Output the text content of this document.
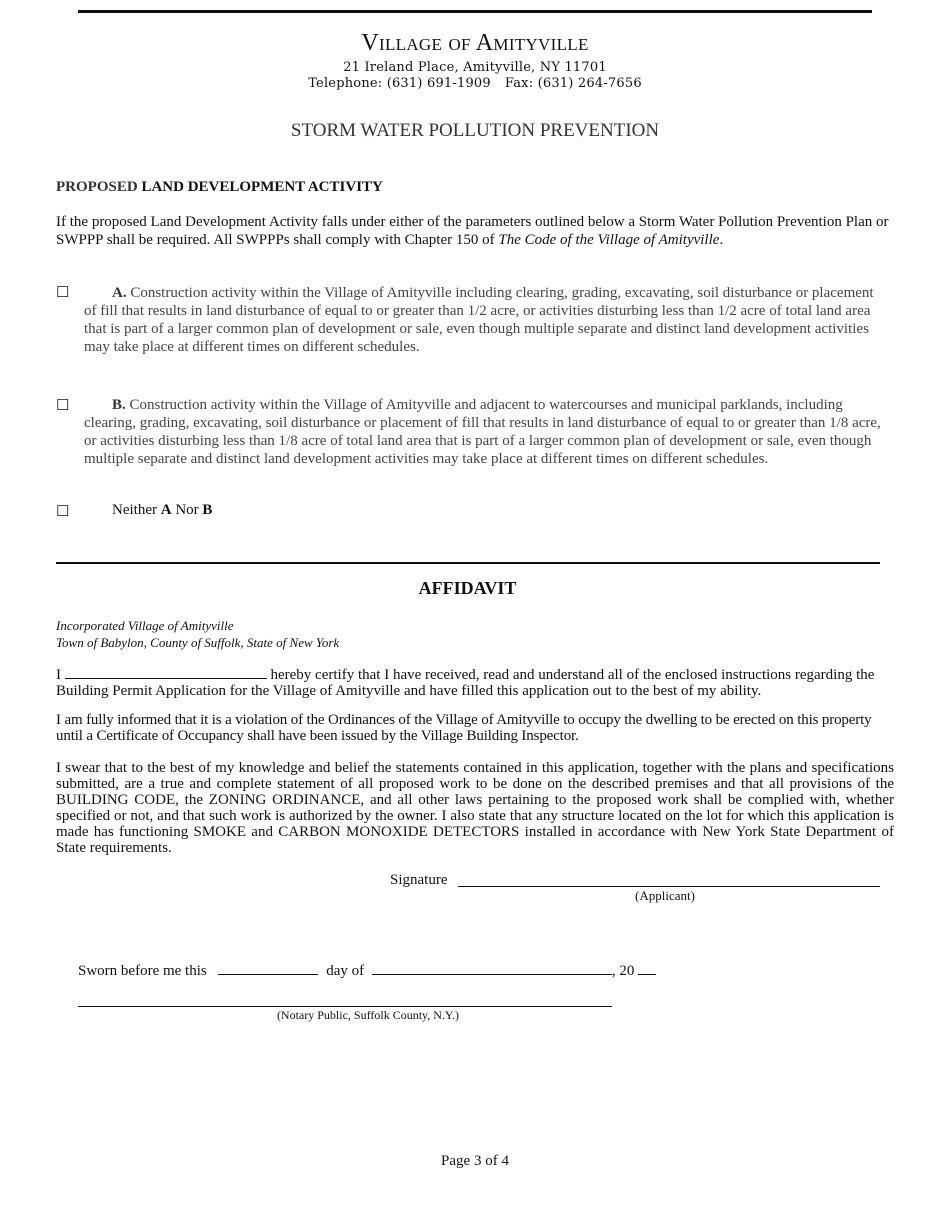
Village of Amityville
21 Ireland Place, Amityville, NY 11701
Telephone: (631) 691-1909 Fax: (631) 264-7656
STORM WATER POLLUTION PREVENTION
PROPOSED LAND DEVELOPMENT ACTIVITY
If the proposed Land Development Activity falls under either of the parameters outlined below a Storm Water Pollution Prevention Plan or SWPPP shall be required. All SWPPPs shall comply with Chapter 150 of The Code of the Village of Amityville.
☐	A. Construction activity within the Village of Amityville including clearing, grading, excavating, soil disturbance or placement of fill that results in land disturbance of equal to or greater than 1/2 acre, or activities disturbing less than 1/2 acre of total land area that is part of a larger common plan of development or sale, even though multiple separate and distinct land development activities may take place at different times on different schedules.
☐	B. Construction activity within the Village of Amityville and adjacent to watercourses and municipal parklands, including clearing, grading, excavating, soil disturbance or placement of fill that results in land disturbance of equal to or greater than 1/8 acre, or activities disturbing less than 1/8 acre of total land area that is part of a larger common plan of development or sale, even though multiple separate and distinct land development activities may take place at different times on different schedules.
☐	Neither A Nor B
AFFIDAVIT
Incorporated Village of Amityville
Town of Babylon, County of Suffolk, State of New York
I	hereby certify that I have received, read and understand all of the enclosed instructions regarding the Building Permit Application for the Village of Amityville and have filled this application out to the best of my ability.
I am fully informed that it is a violation of the Ordinances of the Village of Amityville to occupy the dwelling to be erected on this property until a Certificate of Occupancy shall have been issued by the Village Building Inspector.
I swear that to the best of my knowledge and belief the statements contained in this application, together with the plans and specifications submitted, are a true and complete statement of all proposed work to be done on the described premises and that all provisions of the BUILDING CODE, the ZONING ORDINANCE, and all other laws pertaining to the proposed work shall be complied with, whether specified or not, and that such work is authorized by the owner. I also state that any structure located on the lot for which this application is made has functioning SMOKE and CARBON MONOXIDE DETECTORS installed in accordance with New York State Department of State requirements.
Signature
(Applicant)
Sworn before me this	day of	, 20
(Notary Public, Suffolk County, N.Y.)
Page 3 of 4
